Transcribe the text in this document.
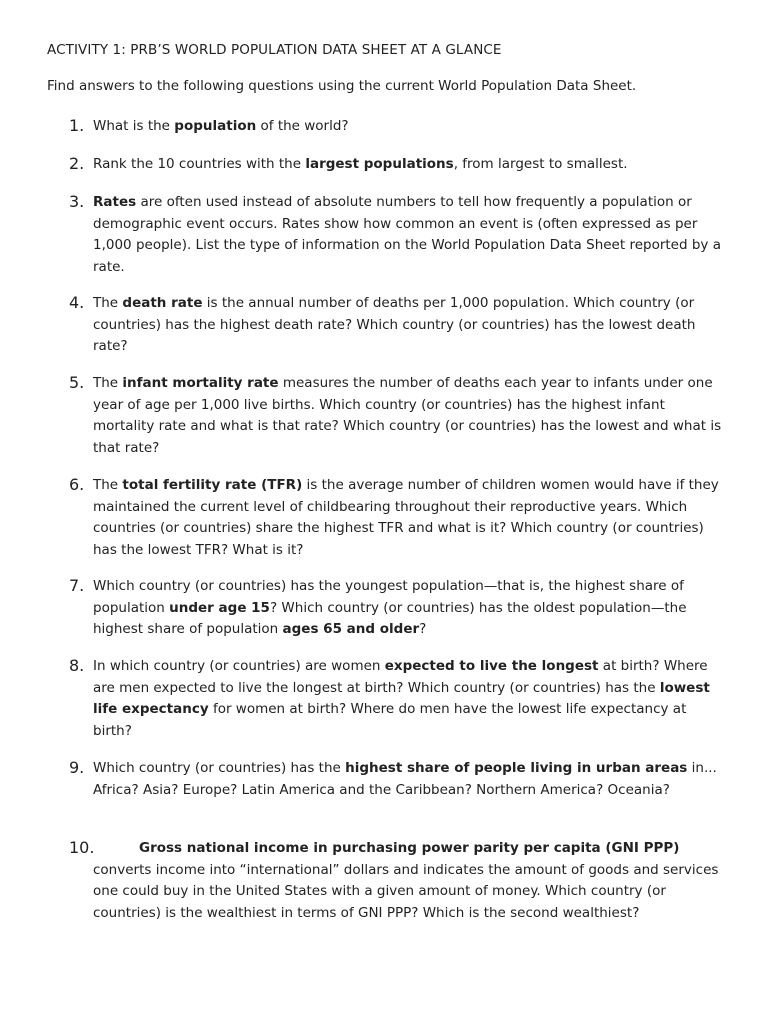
ACTIVITY 1: PRB’S WORLD POPULATION DATA SHEET AT A GLANCE
Find answers to the following questions using the current World Population Data Sheet.
1. What is the population of the world?
2. Rank the 10 countries with the largest populations, from largest to smallest.
3. Rates are often used instead of absolute numbers to tell how frequently a population or demographic event occurs. Rates show how common an event is (often expressed as per 1,000 people). List the type of information on the World Population Data Sheet reported by a rate.
4. The death rate is the annual number of deaths per 1,000 population. Which country (or countries) has the highest death rate? Which country (or countries) has the lowest death rate?
5. The infant mortality rate measures the number of deaths each year to infants under one year of age per 1,000 live births. Which country (or countries) has the highest infant mortality rate and what is that rate? Which country (or countries) has the lowest and what is that rate?
6. The total fertility rate (TFR) is the average number of children women would have if they maintained the current level of childbearing throughout their reproductive years. Which countries (or countries) share the highest TFR and what is it? Which country (or countries) has the lowest TFR? What is it?
7. Which country (or countries) has the youngest population—that is, the highest share of population under age 15? Which country (or countries) has the oldest population—the highest share of population ages 65 and older?
8. In which country (or countries) are women expected to live the longest at birth? Where are men expected to live the longest at birth? Which country (or countries) has the lowest life expectancy for women at birth? Where do men have the lowest life expectancy at birth?
9. Which country (or countries) has the highest share of people living in urban areas in... Africa? Asia? Europe? Latin America and the Caribbean? Northern America? Oceania?
10.	Gross national income in purchasing power parity per capita (GNI PPP) converts income into “international” dollars and indicates the amount of goods and services one could buy in the United States with a given amount of money. Which country (or countries) is the wealthiest in terms of GNI PPP? Which is the second wealthiest?
